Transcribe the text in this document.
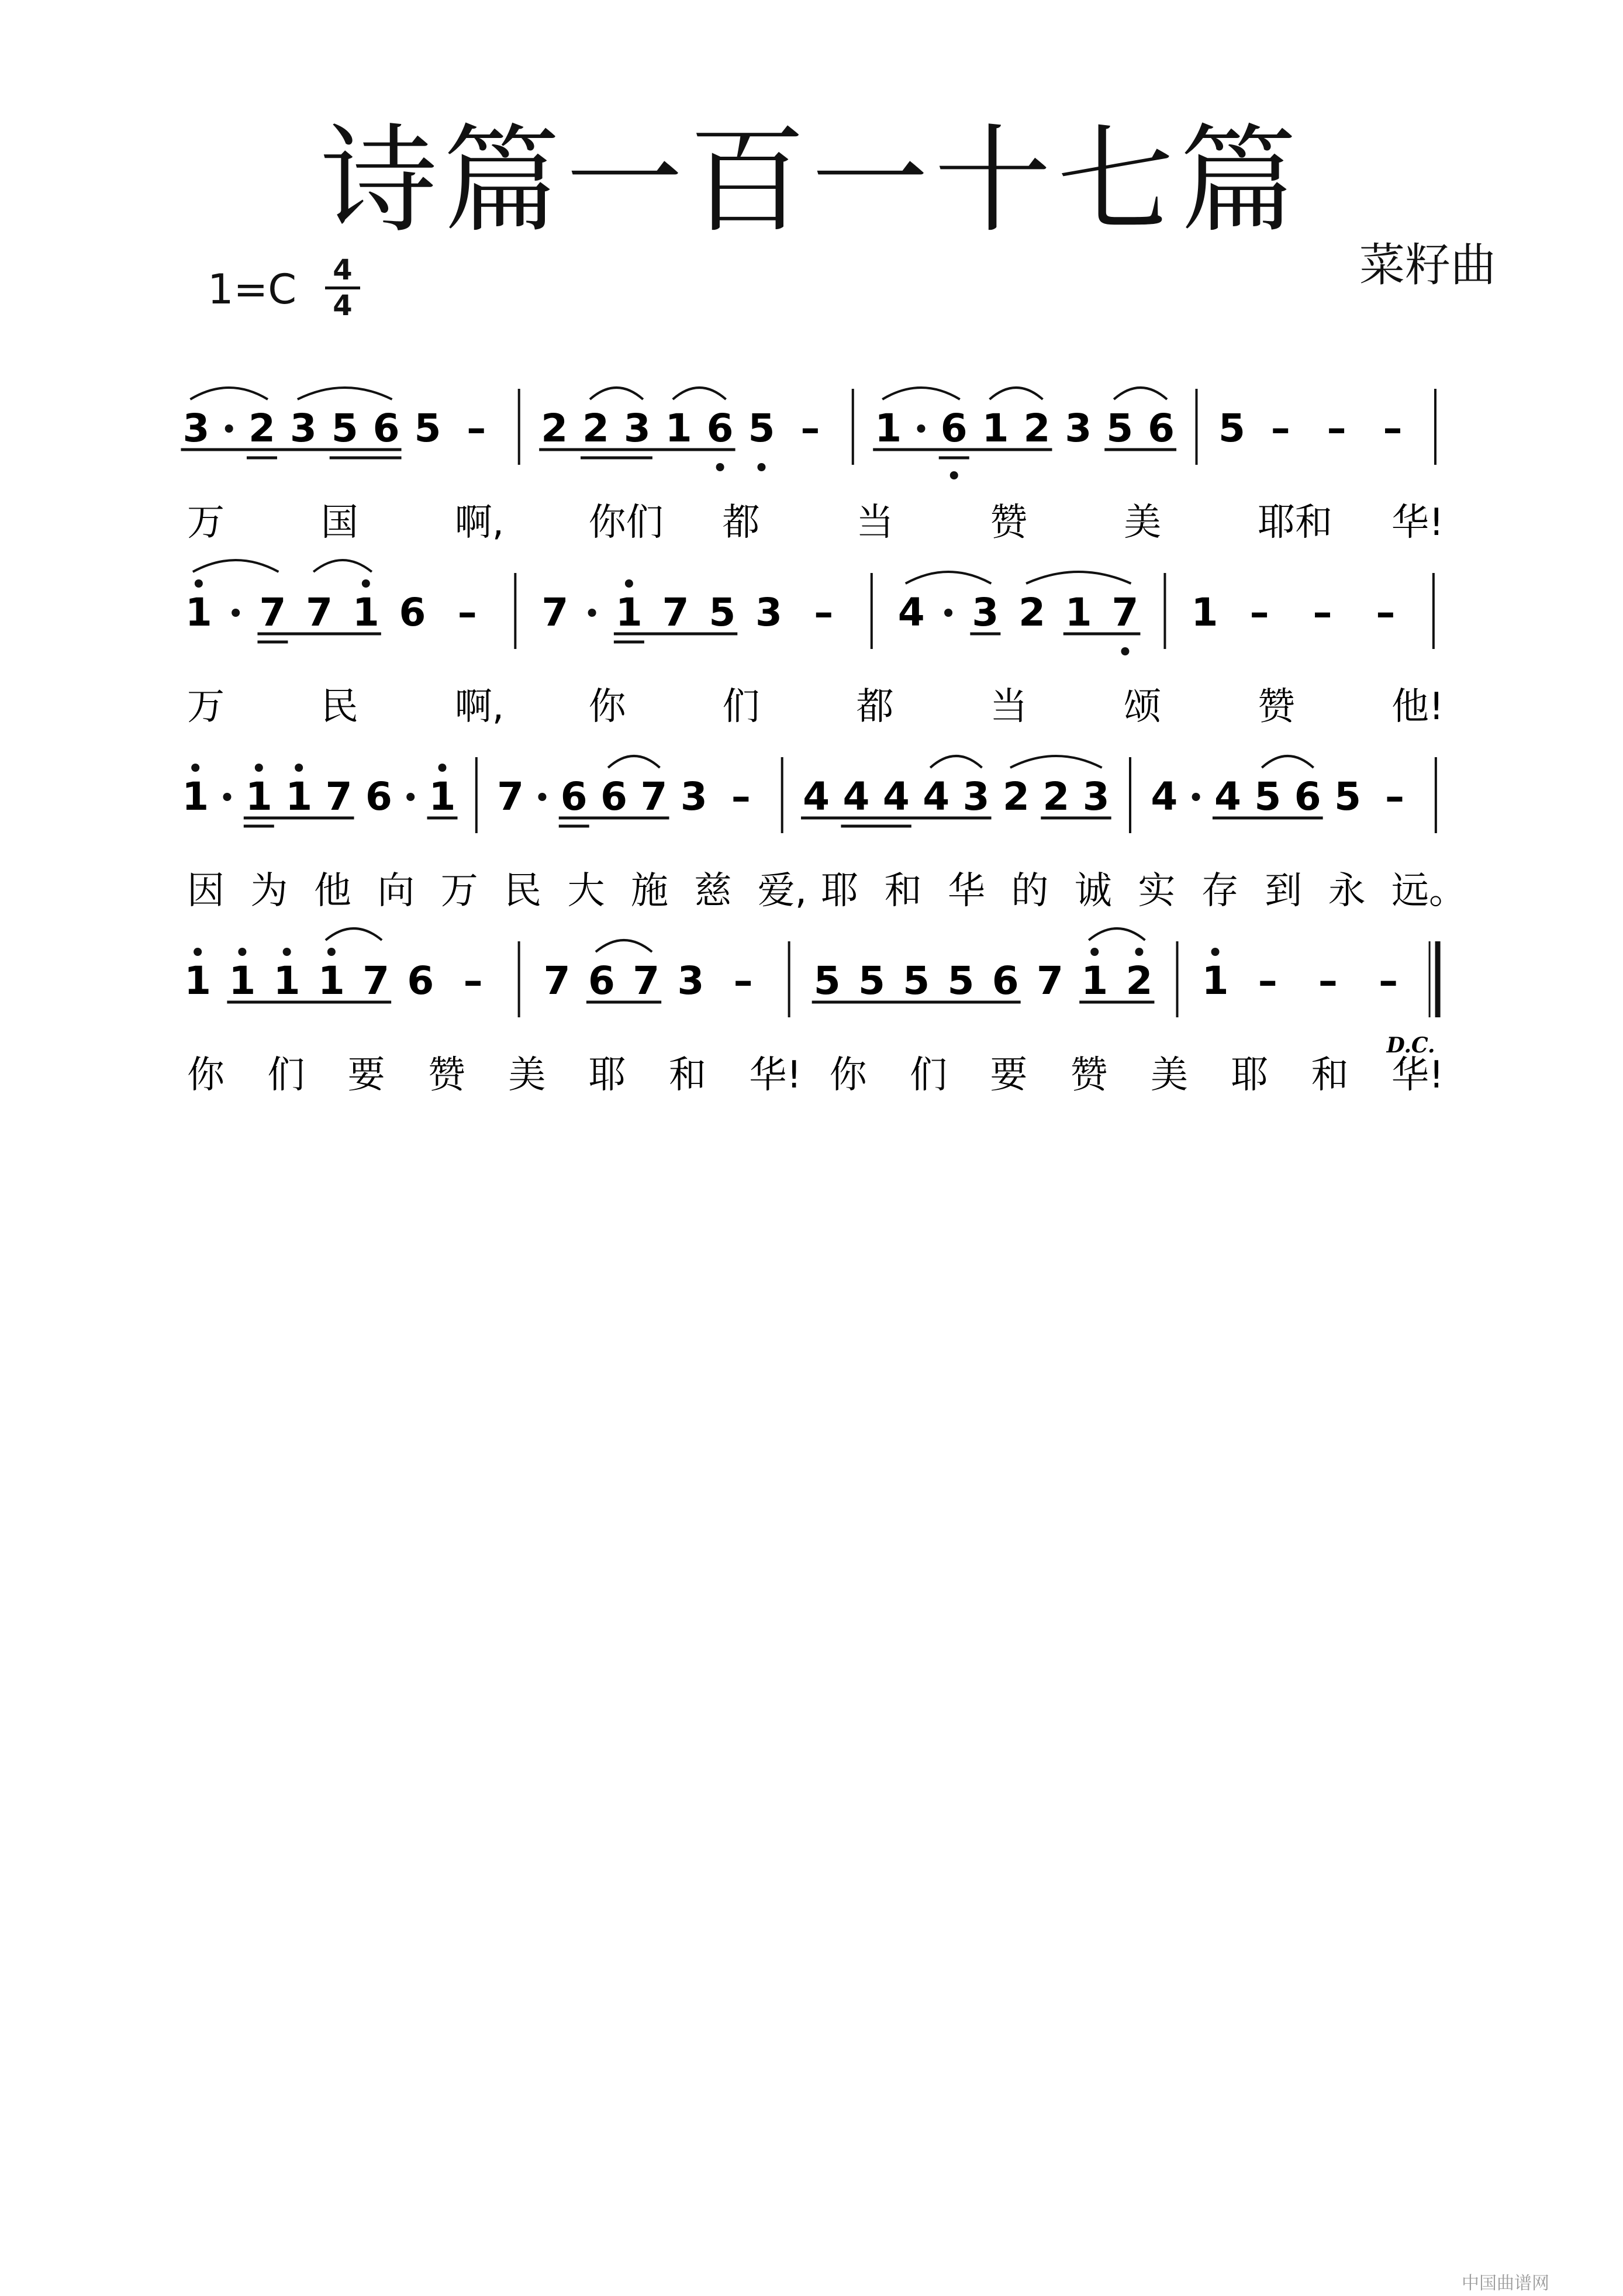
诗篇一百一十七篇
菜籽曲
$1=C \frac{4}{4}$
3 2 3 5 6 5 – 2 2 3 1 6 5 – 1 6 1 2 3 5 6 5 – – –
万	国	啊, 你们 都	当	赞	美	耶和 华!
1 7 7 1 6 – 7 1 7 5 3 – 4 3 2 1 7 1 – – –
万	民	啊, 你	们	都	当	颂	赞	他!
1 1 1 7 6 1 7 6 6 7 3 – 4 4 4 4 3 2 2 3 4 4 5 6 5 –
因 为 他 向 万 民 大 施 慈 爱, 耶 和 华 的 诚 实 存 到 永 远。
1 1 1 1 7 6 – 7 6 7 3 – 5 5 5 5 6 7 1 2 1 – – –
D.C.
你 们 要 赞 美 耶 和 华! 你 们 要 赞 美 耶 和 华!
中国曲谱网
